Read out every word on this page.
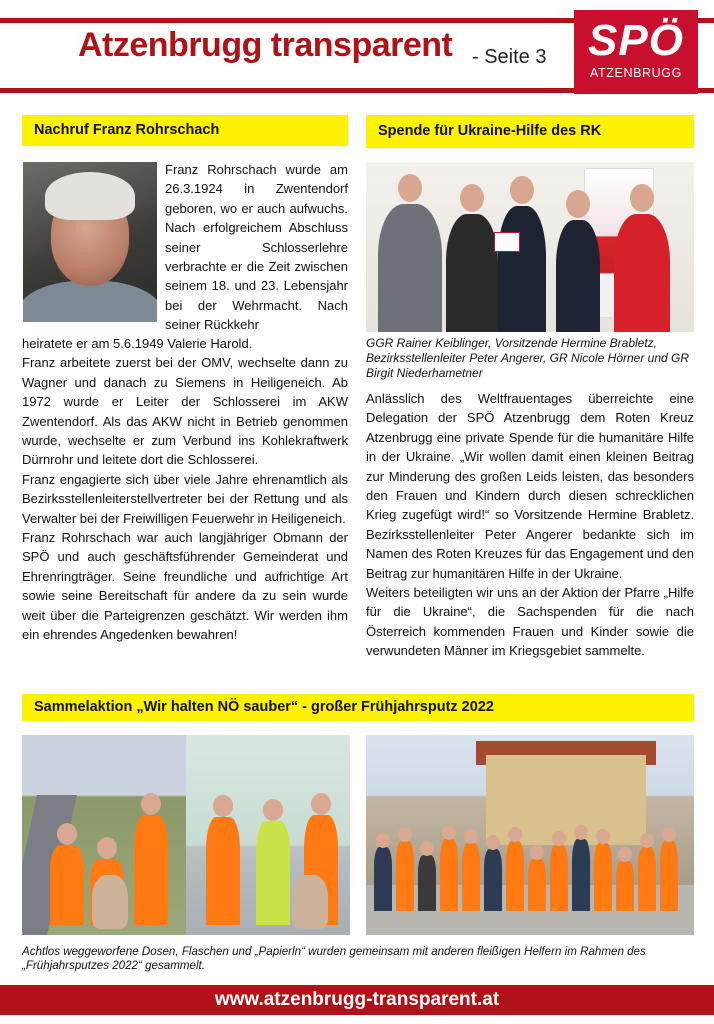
Atzenbrugg transparent - Seite 3 SPÖ
ATZENBRUGG
Nachruf Franz Rohrschach
Franz Rohrschach wurde am 26.3.1924 in Zwentendorf geboren, wo er auch aufwuchs. Nach erfolgreichem Abschluss seiner Schlosserlehre verbrachte er die Zeit zwischen seinem 18. und 23. Lebensjahr bei der Wehrmacht. Nach seiner Rückkehr

heiratete er am 5.6.1949 Valerie Harold.

Franz arbeitete zuerst bei der OMV, wechselte dann zu Wagner und danach zu Siemens in Heiligeneich. Ab 1972 wurde er Leiter der Schlosserei im AKW Zwentendorf. Als das AKW nicht in Betrieb genommen wurde, wechselte er zum Verbund ins Kohlekraftwerk Dürnrohr und leitete dort die Schlosserei.

Franz engagierte sich über viele Jahre ehrenamtlich als Bezirksstellenleiterstellvertreter bei der Rettung und als Verwalter bei der Freiwilligen Feuerwehr in Heiligeneich.

Franz Rohrschach war auch langjähriger Obmann der SPÖ und auch geschäftsführender Gemeinderat und Ehrenringträger. Seine freundliche und aufrichtige Art sowie seine Bereitschaft für andere da zu sein wurde weit über die Parteigrenzen geschätzt. Wir werden ihm ein ehrendes Angedenken bewahren!

Spende für Ukraine-Hilfe des RK
GGR Rainer Keiblinger, Vorsitzende Hermine Brabletz, Bezirksstellenleiter Peter Angerer, GR Nicole Hörner und GR Birgit Niederhametner

Anlässlich des Weltfrauentages überreichte eine Delegation der SPÖ Atzenbrugg dem Roten Kreuz Atzenbrugg eine private Spende für die humanitäre Hilfe in der Ukraine. „Wir wollen damit einen kleinen Beitrag zur Minderung des großen Leids leisten, das besonders den Frauen und Kindern durch diesen schrecklichen Krieg zugefügt wird!“ so Vorsitzende Hermine Brabletz. Bezirksstellenleiter Peter Angerer bedankte sich im Namen des Roten Kreuzes für das Engagement und den Beitrag zur humanitären Hilfe in der Ukraine.

Weiters beteiligten wir uns an der Aktion der Pfarre „Hilfe für die Ukraine“, die Sachspenden für die nach Österreich kommenden Frauen und Kinder sowie die verwundeten Männer im Kriegsgebiet sammelte.

Sammelaktion „Wir halten NÖ sauber“ - großer Frühjahrsputz 2022
Achtlos weggeworfene Dosen, Flaschen und „Papierln“ wurden gemeinsam mit anderen fleißigen Helfern im Rahmen des „Frühjahrsputzes 2022“ gesammelt.
www.atzenbrugg-transparent.at
